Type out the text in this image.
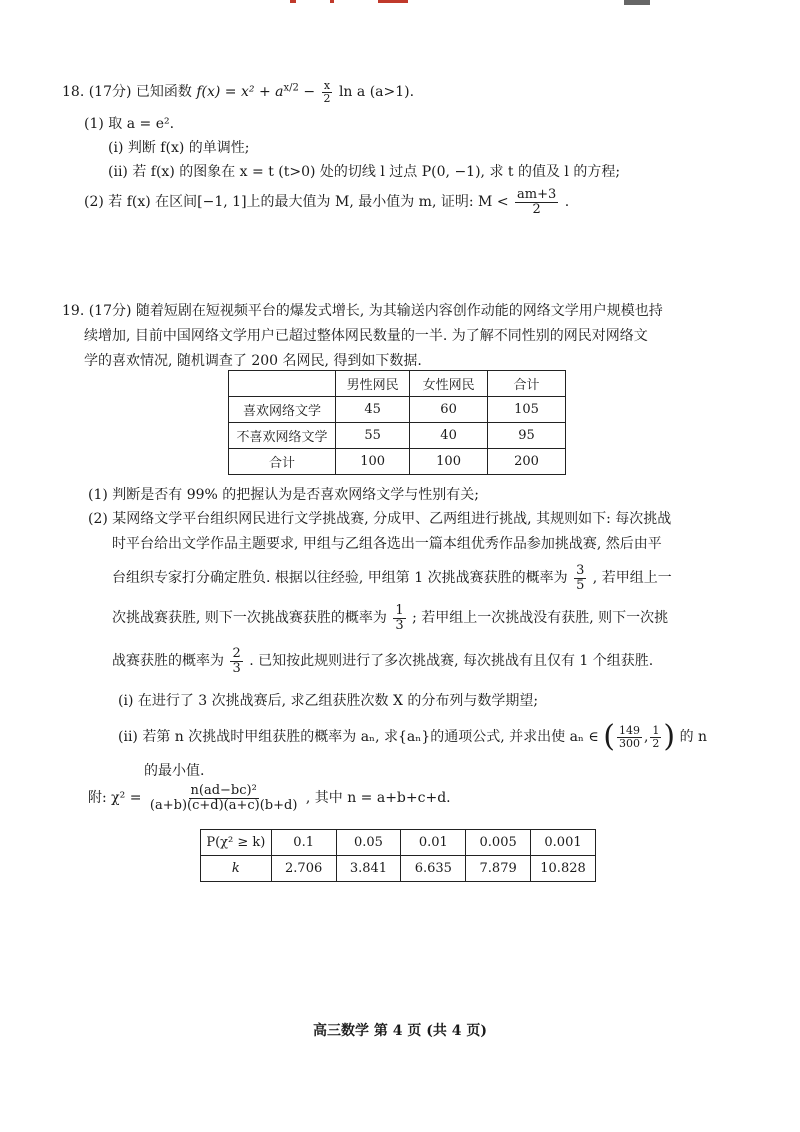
18. (17分) 已知函数 $f(x) = x^2 + a^{x/2} - \frac{x}{2}$ ln a (a>1).
(1) 取 a = e².
(i) 判断 f(x) 的单调性;
(ii) 若 f(x) 的图象在 x = t (t>0) 处的切线 l 过点 P(0, −1), 求 t 的值及 l 的方程;
(2) 若 f(x) 在区间[−1, 1]上的最大值为 M, 最小值为 m, 证明: $M < \frac{am+3}{2}$ .
19. (17分) 随着短剧在短视频平台的爆发式增长, 为其输送内容创作动能的网络文学用户规模也持
续增加, 目前中国网络文学用户已超过整体网民数量的一半. 为了解不同性别的网民对网络文
学的喜欢情况, 随机调查了 200 名网民, 得到如下数据.
	男性网民	女性网民	合计
喜欢网络文学	45	60	105
不喜欢网络文学	55	40	95
合计	100	100	200
(1) 判断是否有 99% 的把握认为是否喜欢网络文学与性别有关;
(2) 某网络文学平台组织网民进行文学挑战赛, 分成甲、乙两组进行挑战, 其规则如下: 每次挑战
时平台给出文学作品主题要求, 甲组与乙组各选出一篇本组优秀作品参加挑战赛, 然后由平
台组织专家打分确定胜负. 根据以往经验, 甲组第 1 次挑战赛获胜的概率为 $\frac{3}{5}$ , 若甲组上一
次挑战赛获胜, 则下一次挑战赛获胜的概率为 $\frac{1}{3}$ ; 若甲组上一次挑战没有获胜, 则下一次挑
战赛获胜的概率为 $\frac{2}{3}$ . 已知按此规则进行了多次挑战赛, 每次挑战有且仅有 1 个组获胜.
(i) 在进行了 3 次挑战赛后, 求乙组获胜次数 X 的分布列与数学期望;
(ii) 若第 n 次挑战时甲组获胜的概率为 aₙ, 求{aₙ}的通项公式, 并求出使 aₙ ∈ ( $\frac{149}{300}$ , $\frac{1}{2}$ ) 的 n
的最小值.
附: $\chi^2 = \frac{\text{n(ad−bc)²}}{(a+b)(c+d)(a+c)(b+d)}$ , 其中 n = a+b+c+d.
P(χ² ≥ k)	0.1	0.05	0.01	0.005	0.001
k	2.706	3.841	6.635	7.879	10.828
高三数学 第 4 页 (共 4 页)
